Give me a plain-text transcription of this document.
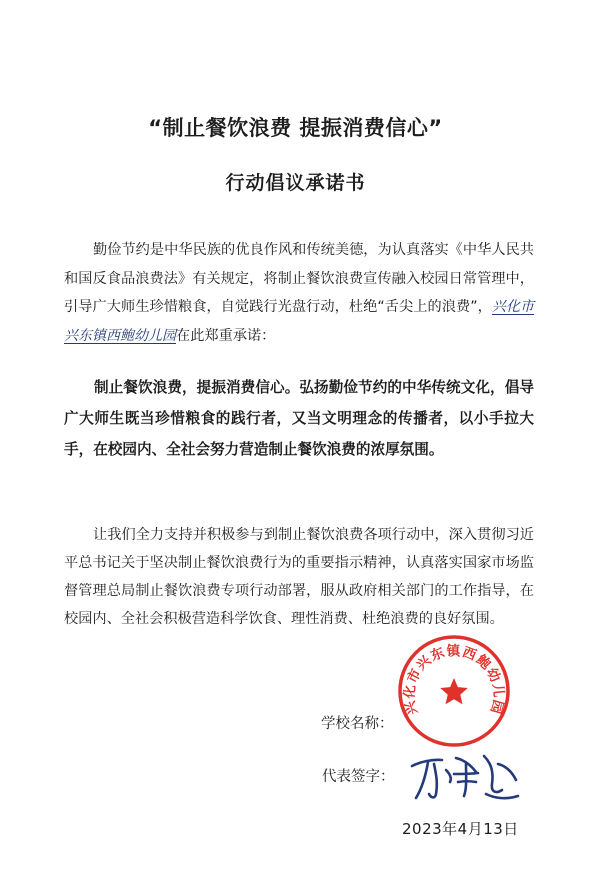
“制止餐饮浪费 提振消费信心”
行动倡议承诺书
勤俭节约是中华民族的优良作风和传统美德，为认真落实《中华人民共和国反食品浪费法》有关规定，将制止餐饮浪费宣传融入校园日常管理中，引导广大师生珍惜粮食，自觉践行光盘行动，杜绝“舌尖上的浪费”，兴化市兴东镇西鲍幼儿园在此郑重承诺：
制止餐饮浪费，提振消费信心。弘扬勤俭节约的中华传统文化，倡导广大师生既当珍惜粮食的践行者，又当文明理念的传播者，以小手拉大手，在校园内、全社会努力营造制止餐饮浪费的浓厚氛围。
让我们全力支持并积极参与到制止餐饮浪费各项行动中，深入贯彻习近平总书记关于坚决制止餐饮浪费行为的重要指示精神，认真落实国家市场监督管理总局制止餐饮浪费专项行动部署，服从政府相关部门的工作指导，在校园内、全社会积极营造科学饮食、理性消费、杜绝浪费的良好氛围。
兴化市兴东镇西鲍幼儿园
学校名称：
代表签字：
2023年4月13日
